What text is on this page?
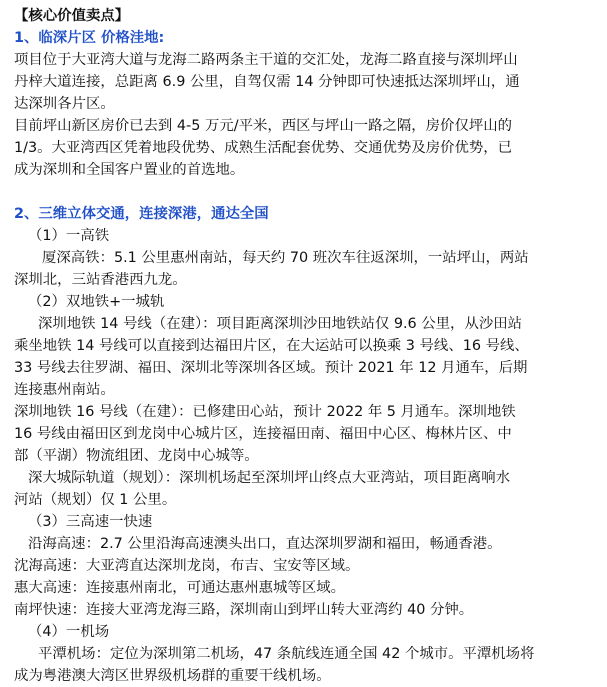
【核心价值卖点】
1、临深片区 价格洼地:
项目位于大亚湾大道与龙海二路两条主干道的交汇处，龙海二路直接与深圳坪山
丹梓大道连接，总距离 6.9 公里，自驾仅需 14 分钟即可快速抵达深圳坪山，通
达深圳各片区。
目前坪山新区房价已去到 4-5 万元/平米，西区与坪山一路之隔，房价仅坪山的
1/3。大亚湾西区凭着地段优势、成熟生活配套优势、交通优势及房价优势，已
成为深圳和全国客户置业的首选地。
2、三维立体交通，连接深港，通达全国
（1）一高铁
厦深高铁：5.1 公里惠州南站，每天约 70 班次车往返深圳，一站坪山，两站
深圳北，三站香港西九龙。
（2）双地铁+一城轨
深圳地铁 14 号线（在建）：项目距离深圳沙田地铁站仅 9.6 公里，从沙田站
乘坐地铁 14 号线可以直接到达福田片区，在大运站可以换乘 3 号线、16 号线、
33 号线去往罗湖、福田、深圳北等深圳各区域。预计 2021 年 12 月通车，后期
连接惠州南站。
深圳地铁 16 号线（在建）：已修建田心站，预计 2022 年 5 月通车。深圳地铁
16 号线由福田区到龙岗中心城片区，连接福田南、福田中心区、梅林片区、中
部（平湖）物流组团、龙岗中心城等。
深大城际轨道（规划）：深圳机场起至深圳坪山终点大亚湾站，项目距离响水
河站（规划）仅 1 公里。
（3）三高速一快速
沿海高速：2.7 公里沿海高速澳头出口，直达深圳罗湖和福田，畅通香港。
沈海高速：大亚湾直达深圳龙岗，布吉、宝安等区域。
惠大高速：连接惠州南北，可通达惠州惠城等区域。
南坪快速：连接大亚湾龙海三路，深圳南山到坪山转大亚湾约 40 分钟。
（4）一机场
平潭机场：定位为深圳第二机场，47 条航线连通全国 42 个城市。平潭机场将
成为粤港澳大湾区世界级机场群的重要干线机场。
